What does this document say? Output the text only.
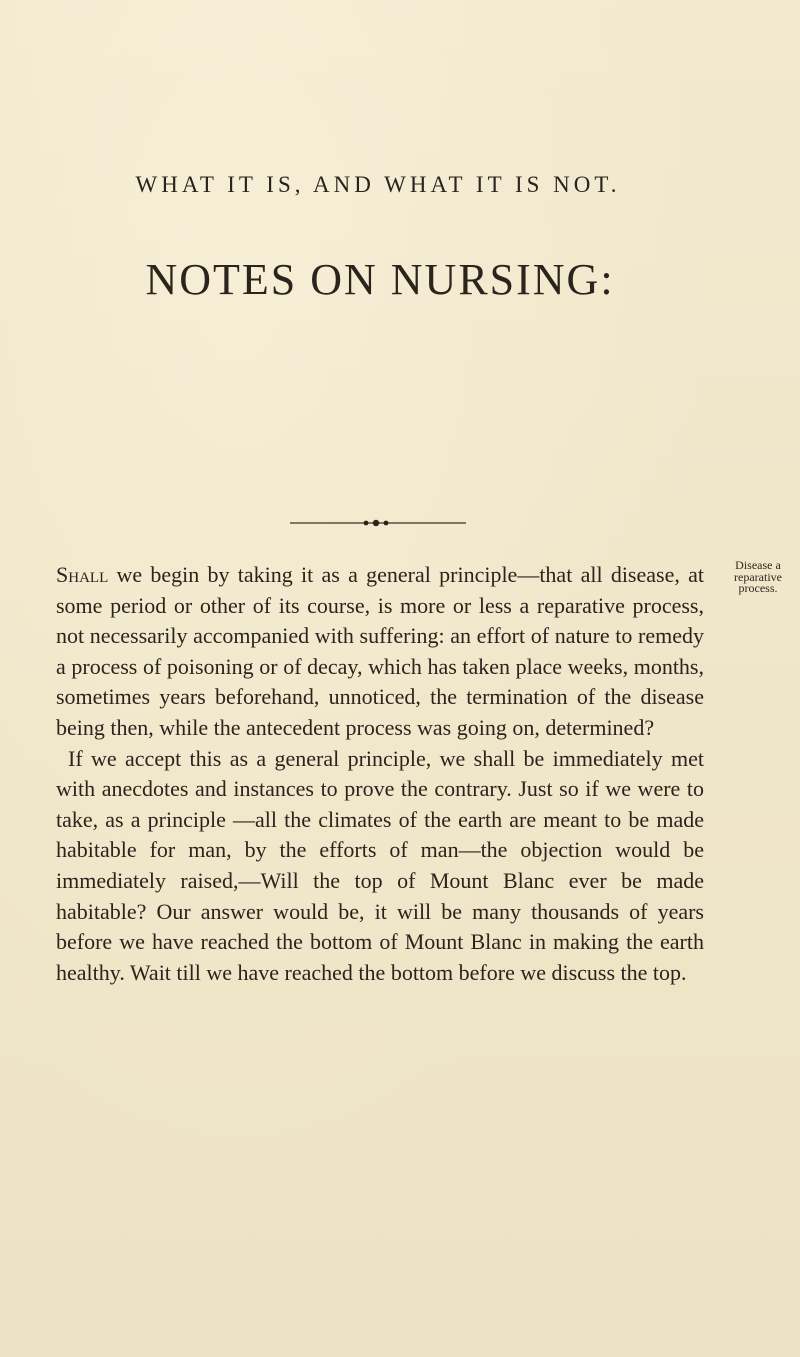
NOTES ON NURSING:
WHAT IT IS, AND WHAT IT IS NOT.

Shall we begin by taking it as a general principle—that all disease, at some period or other of its course, is more or less a reparative process, not necessarily accompanied with suffering: an effort of nature to remedy a process of poisoning or of decay, which has taken place weeks, months, sometimes years beforehand, unnoticed, the termination of the disease being then, while the antecedent process was going on, determined?

If we accept this as a general principle, we shall be immediately met with anecdotes and instances to prove the contrary. Just so if we were to take, as a principle —all the climates of the earth are meant to be made habitable for man, by the efforts of man—the objection would be immediately raised,—Will the top of Mount Blanc ever be made habitable? Our answer would be, it will be many thousands of years before we have reached the bottom of Mount Blanc in making the earth healthy. Wait till we have reached the bottom before we discuss the top.

Disease a
reparative
process.
